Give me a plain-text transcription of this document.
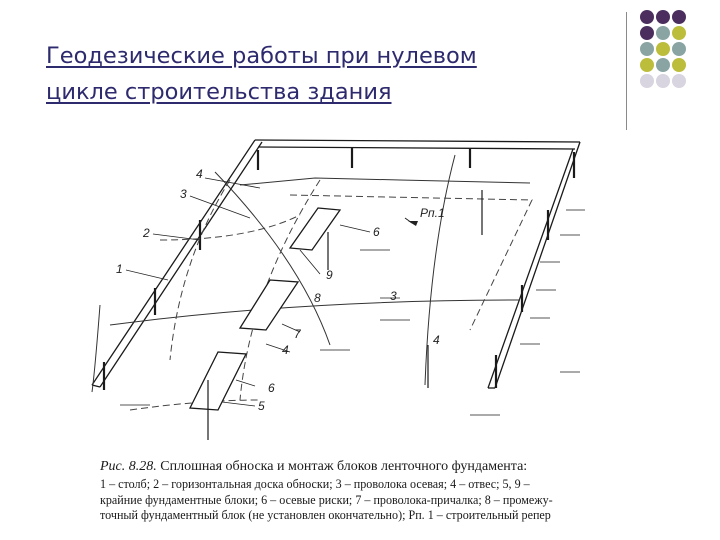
Геодезические работы при нулевом
цикле строительства здания
4
3
2
1
Рп.1
6
9
8	3
7
4
4
6
5
Рис. 8.28. Сплошная обноска и монтаж блоков ленточного фундамента:
1 – столб; 2 – горизонтальная доска обноски; 3 – проволока осевая; 4 – отвес; 5, 9 –
крайние фундаментные блоки; 6 – осевые риски; 7 – проволока-причалка; 8 – промежу-
точный фундаментный блок (не установлен окончательно); Рп. 1 – строительный репер
